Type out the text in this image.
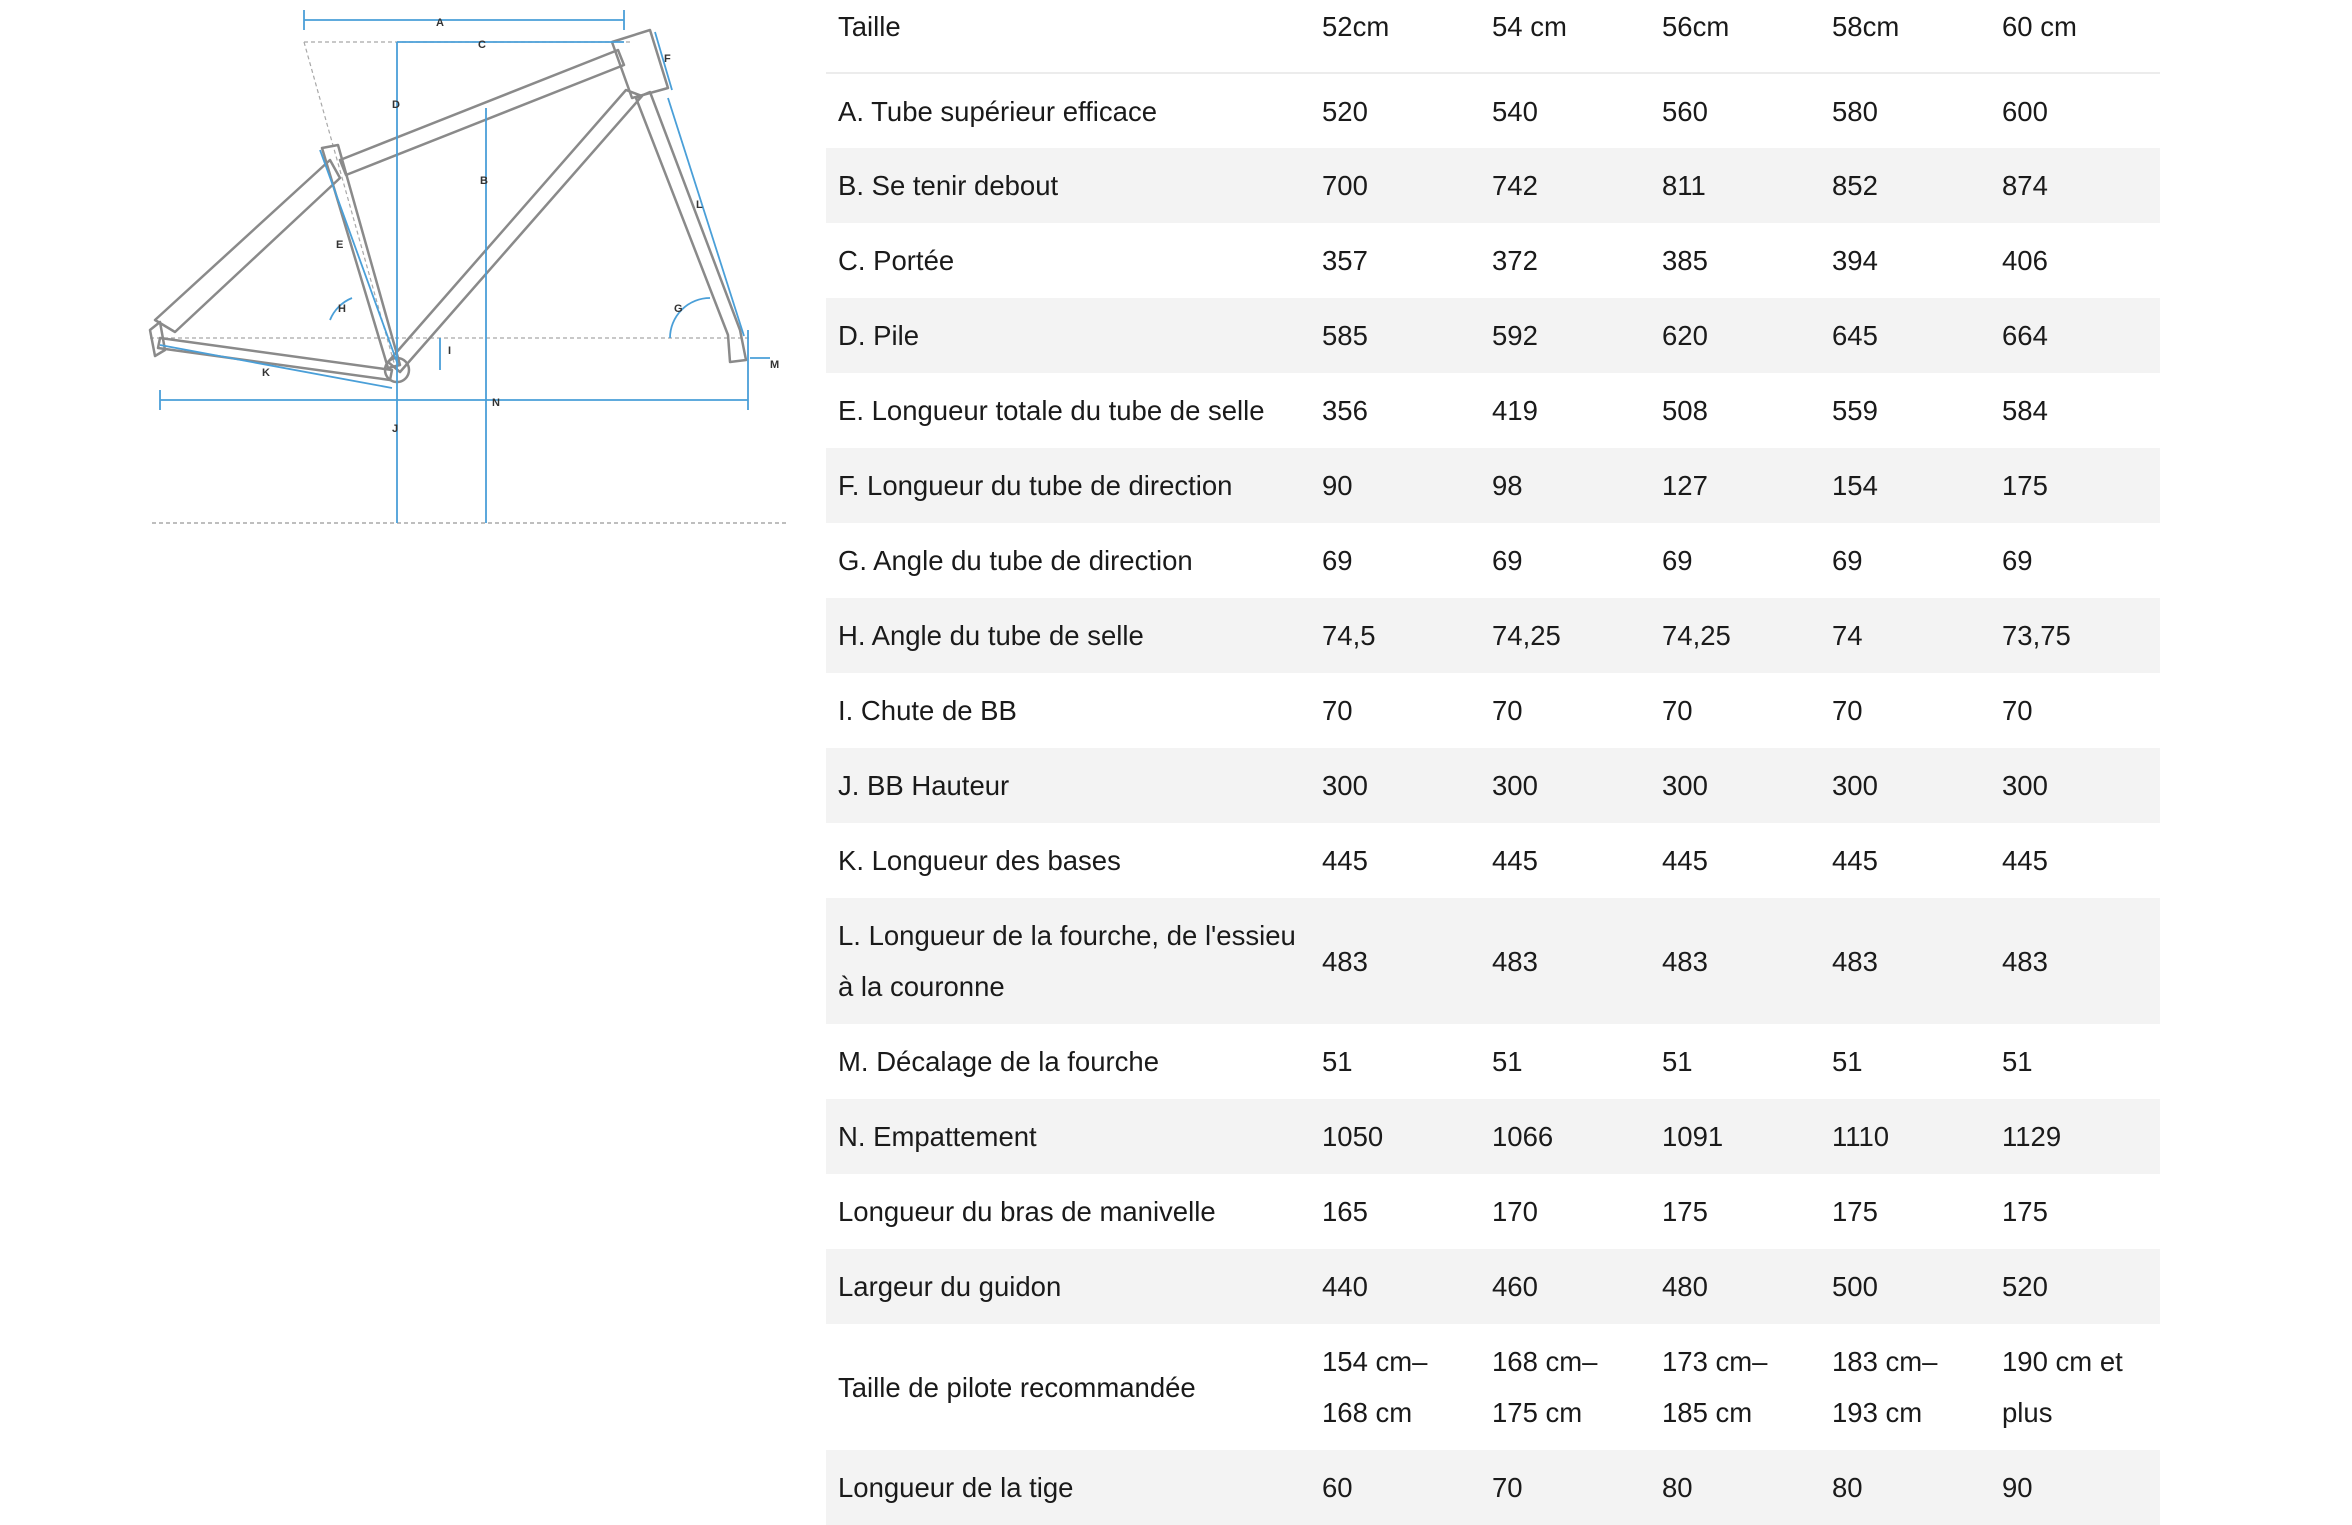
A
C
D
B
E
F
L
G
H
I
J
K
M
N
Taille	52cm	54 cm	56cm	58cm	60 cm
A. Tube supérieur efficace	520	540	560	580	600
B. Se tenir debout	700	742	811	852	874
C. Portée	357	372	385	394	406
D. Pile	585	592	620	645	664
E. Longueur totale du tube de selle	356	419	508	559	584
F. Longueur du tube de direction	90	98	127	154	175
G. Angle du tube de direction	69	69	69	69	69
H. Angle du tube de selle	74,5	74,25	74,25	74	73,75
I. Chute de BB	70	70	70	70	70
J. BB Hauteur	300	300	300	300	300
K. Longueur des bases	445	445	445	445	445
L. Longueur de la fourche, de l'essieu à la couronne	483	483	483	483	483
M. Décalage de la fourche	51	51	51	51	51
N. Empattement	1050	1066	1091	1110	1129
Longueur du bras de manivelle	165	170	175	175	175
Largeur du guidon	440	460	480	500	520
Taille de pilote recommandée	154 cm–168 cm	168 cm–175 cm	173 cm–185 cm	183 cm–193 cm	190 cm et plus
Longueur de la tige	60	70	80	80	90
